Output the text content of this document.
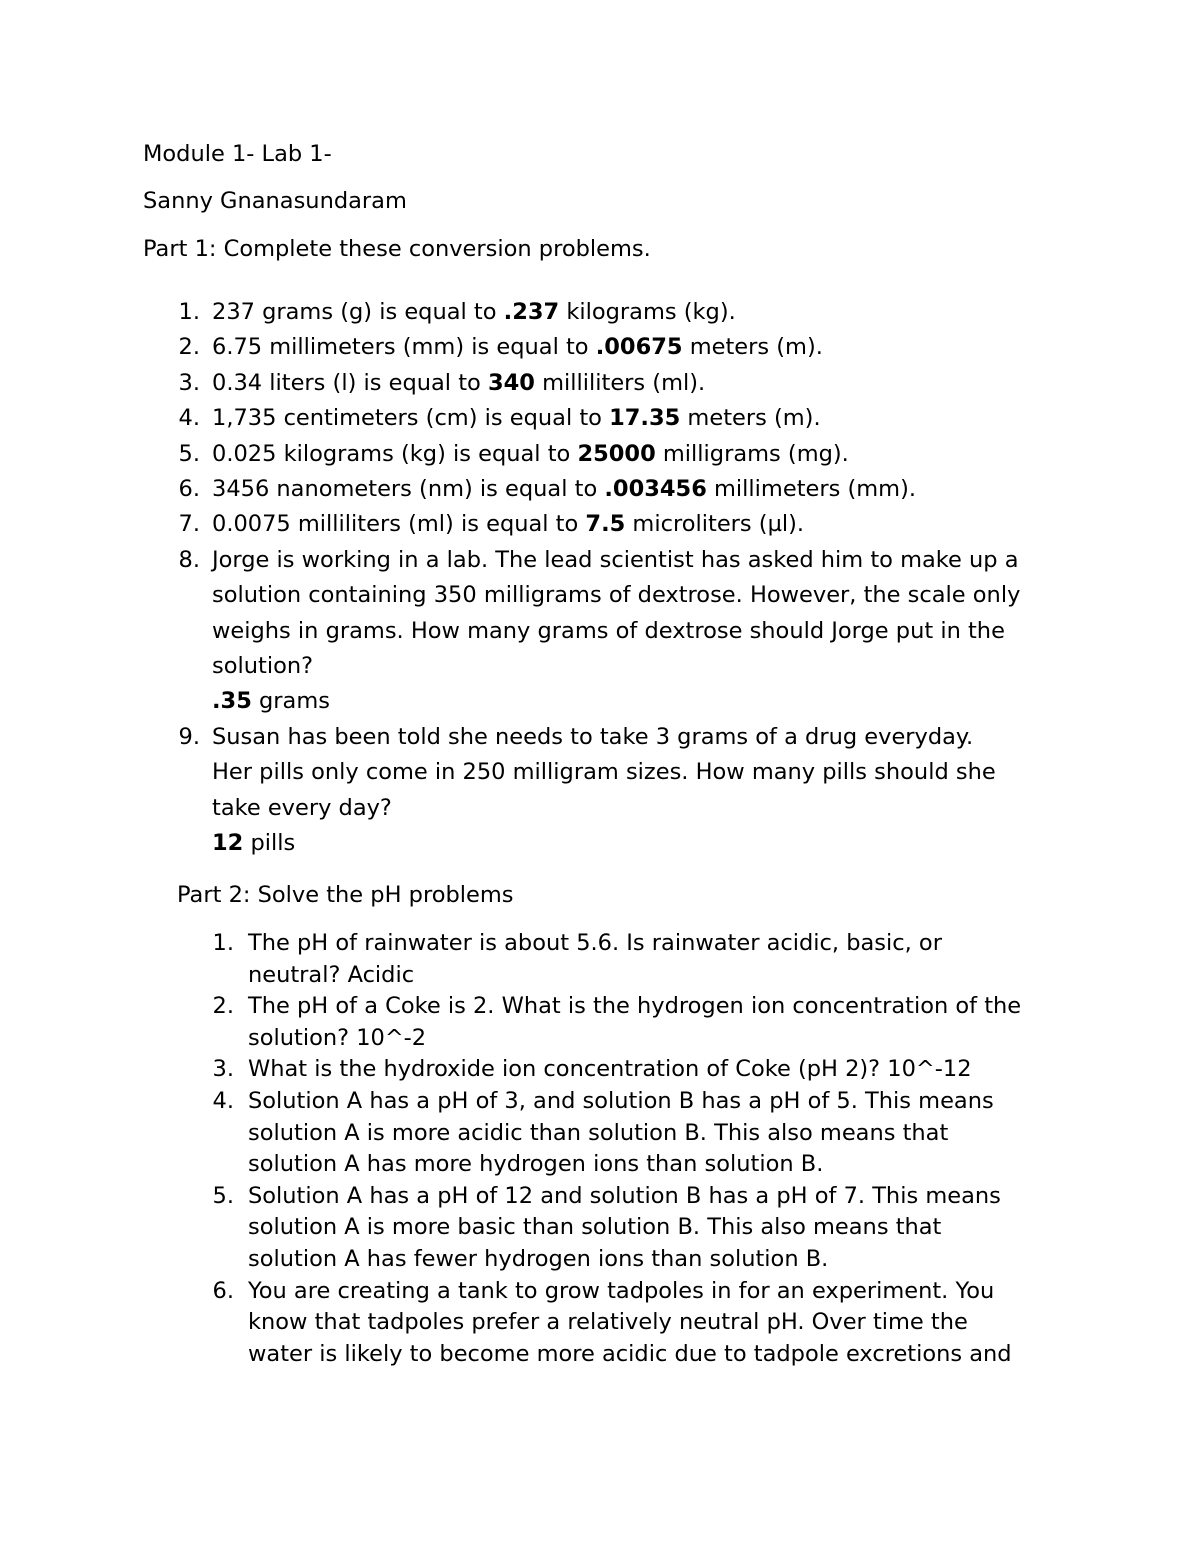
Module 1- Lab 1-

Sanny Gnanasundaram

Part 1: Complete these conversion problems.

1. 237 grams (g) is equal to .237 kilograms (kg).
2. 6.75 millimeters (mm) is equal to .00675 meters (m).
3. 0.34 liters (l) is equal to 340 milliliters (ml).
4. 1,735 centimeters (cm) is equal to 17.35 meters (m).
5. 0.025 kilograms (kg) is equal to 25000 milligrams (mg).
6. 3456 nanometers (nm) is equal to .003456 millimeters (mm).
7. 0.0075 milliliters (ml) is equal to 7.5 microliters (µl).
8. Jorge is working in a lab. The lead scientist has asked him to make up a
solution containing 350 milligrams of dextrose. However, the scale only
weighs in grams. How many grams of dextrose should Jorge put in the
solution?
.35 grams
9. Susan has been told she needs to take 3 grams of a drug everyday.
Her pills only come in 250 milligram sizes. How many pills should she
take every day?
12 pills

Part 2: Solve the pH problems

1. The pH of rainwater is about 5.6. Is rainwater acidic, basic, or
neutral? Acidic
2. The pH of a Coke is 2. What is the hydrogen ion concentration of the
solution? 10^-2
3. What is the hydroxide ion concentration of Coke (pH 2)? 10^-12
4. Solution A has a pH of 3, and solution B has a pH of 5. This means
solution A is more acidic than solution B. This also means that
solution A has more hydrogen ions than solution B.
5. Solution A has a pH of 12 and solution B has a pH of 7. This means
solution A is more basic than solution B. This also means that
solution A has fewer hydrogen ions than solution B.
6. You are creating a tank to grow tadpoles in for an experiment. You
know that tadpoles prefer a relatively neutral pH. Over time the
water is likely to become more acidic due to tadpole excretions and
